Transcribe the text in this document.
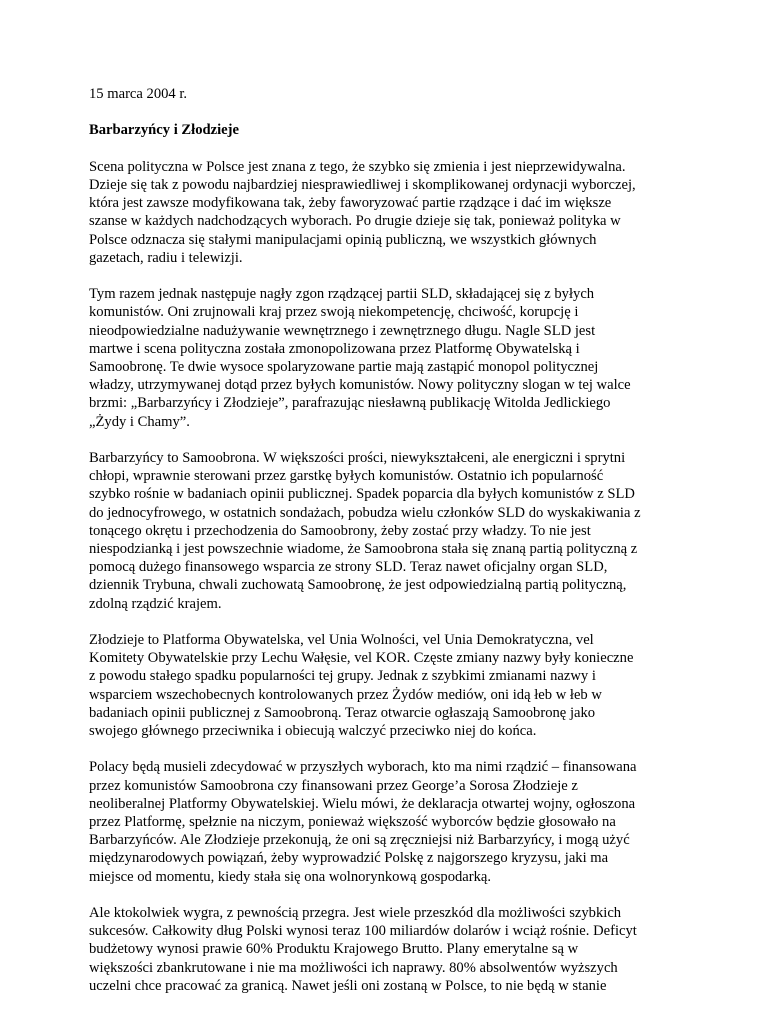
15 marca 2004 r.

Barbarzyńcy i Złodzieje

Scena polityczna w Polsce jest znana z tego, że szybko się zmienia i jest nieprzewidywalna.
Dzieje się tak z powodu najbardziej niesprawiedliwej i skomplikowanej ordynacji wyborczej,
która jest zawsze modyfikowana tak, żeby faworyzować partie rządzące i dać im większe
szanse w każdych nadchodzących wyborach. Po drugie dzieje się tak, ponieważ polityka w
Polsce odznacza się stałymi manipulacjami opinią publiczną, we wszystkich głównych
gazetach, radiu i telewizji.

Tym razem jednak następuje nagły zgon rządzącej partii SLD, składającej się z byłych
komunistów. Oni zrujnowali kraj przez swoją niekompetencję, chciwość, korupcję i
nieodpowiedzialne nadużywanie wewnętrznego i zewnętrznego długu. Nagle SLD jest
martwe i scena polityczna została zmonopolizowana przez Platformę Obywatelską i
Samoobronę. Te dwie wysoce spolaryzowane partie mają zastąpić monopol politycznej
władzy, utrzymywanej dotąd przez byłych komunistów. Nowy polityczny slogan w tej walce
brzmi: „Barbarzyńcy i Złodzieje”, parafrazując niesławną publikację Witolda Jedlickiego
„Żydy i Chamy”.

Barbarzyńcy to Samoobrona. W większości prości, niewykształceni, ale energiczni i sprytni
chłopi, wprawnie sterowani przez garstkę byłych komunistów. Ostatnio ich popularność
szybko rośnie w badaniach opinii publicznej. Spadek poparcia dla byłych komunistów z SLD
do jednocyfrowego, w ostatnich sondażach, pobudza wielu członków SLD do wyskakiwania z
tonącego okrętu i przechodzenia do Samoobrony, żeby zostać przy władzy. To nie jest
niespodzianką i jest powszechnie wiadome, że Samoobrona stała się znaną partią polityczną z
pomocą dużego finansowego wsparcia ze strony SLD. Teraz nawet oficjalny organ SLD,
dziennik Trybuna, chwali zuchowatą Samoobronę, że jest odpowiedzialną partią polityczną,
zdolną rządzić krajem.

Złodzieje to Platforma Obywatelska, vel Unia Wolności, vel Unia Demokratyczna, vel
Komitety Obywatelskie przy Lechu Wałęsie, vel KOR. Częste zmiany nazwy były konieczne
z powodu stałego spadku popularności tej grupy. Jednak z szybkimi zmianami nazwy i
wsparciem wszechobecnych kontrolowanych przez Żydów mediów, oni idą łeb w łeb w
badaniach opinii publicznej z Samoobroną. Teraz otwarcie ogłaszają Samoobronę jako
swojego głównego przeciwnika i obiecują walczyć przeciwko niej do końca.

Polacy będą musieli zdecydować w przyszłych wyborach, kto ma nimi rządzić – finansowana
przez komunistów Samoobrona czy finansowani przez George’a Sorosa Złodzieje z
neoliberalnej Platformy Obywatelskiej. Wielu mówi, że deklaracja otwartej wojny, ogłoszona
przez Platformę, spełznie na niczym, ponieważ większość wyborców będzie głosowało na
Barbarzyńców. Ale Złodzieje przekonują, że oni są zręczniejsi niż Barbarzyńcy, i mogą użyć
międzynarodowych powiązań, żeby wyprowadzić Polskę z najgorszego kryzysu, jaki ma
miejsce od momentu, kiedy stała się ona wolnorynkową gospodarką.

Ale ktokolwiek wygra, z pewnością przegra. Jest wiele przeszkód dla możliwości szybkich
sukcesów. Całkowity dług Polski wynosi teraz 100 miliardów dolarów i wciąż rośnie. Deficyt
budżetowy wynosi prawie 60% Produktu Krajowego Brutto. Plany emerytalne są w
większości zbankrutowane i nie ma możliwości ich naprawy. 80% absolwentów wyższych
uczelni chce pracować za granicą. Nawet jeśli oni zostaną w Polsce, to nie będą w stanie
